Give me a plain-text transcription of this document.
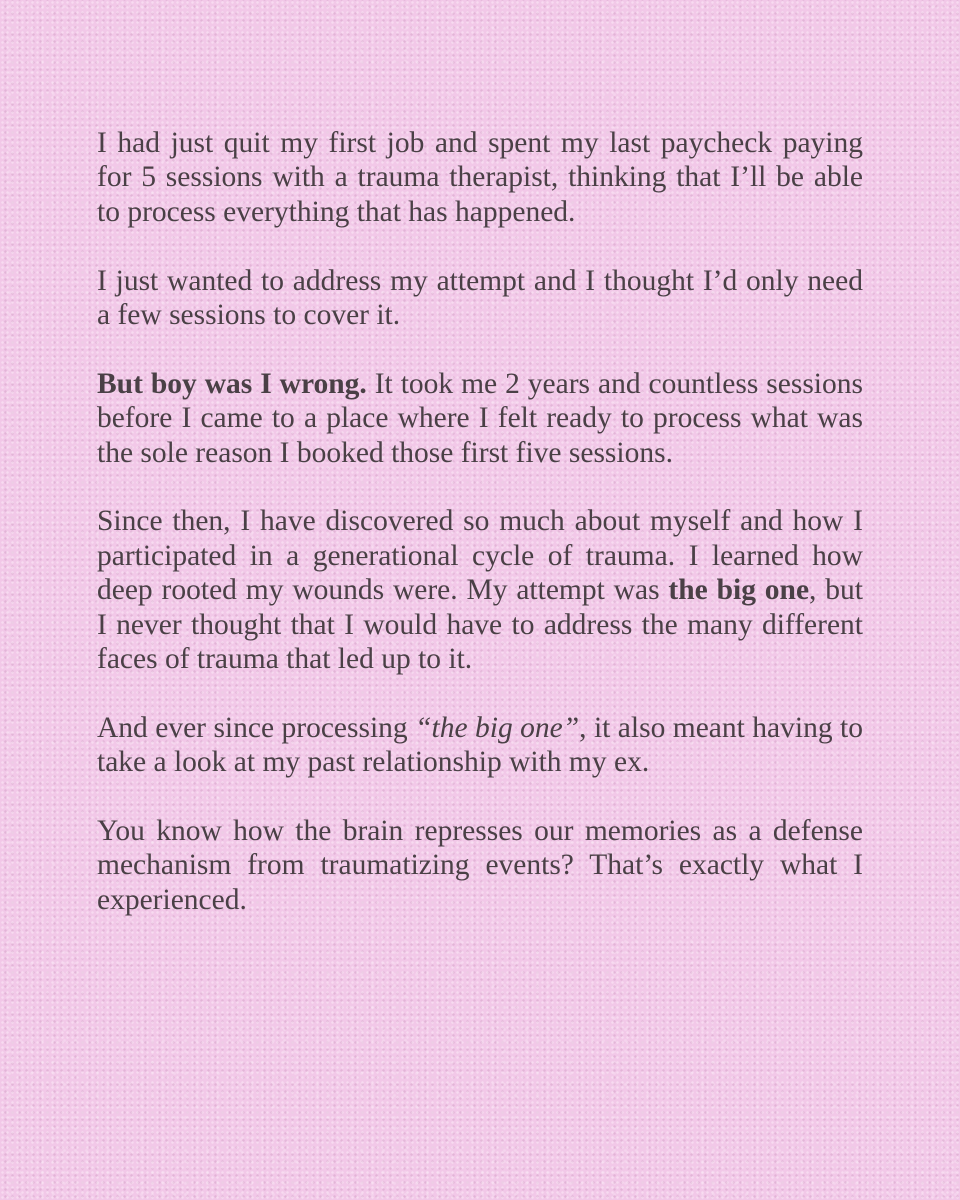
I had just quit my first job and spent my last paycheck paying for 5 sessions with a trauma therapist, thinking that I’ll be able to process everything that has happened.

I just wanted to address my attempt and I thought I’d only need a few sessions to cover it.

But boy was I wrong. It took me 2 years and countless sessions before I came to a place where I felt ready to process what was the sole reason I booked those first five sessions.

Since then, I have discovered so much about myself and how I participated in a generational cycle of trauma. I learned how deep rooted my wounds were. My attempt was the big one, but I never thought that I would have to address the many different faces of trauma that led up to it.

And ever since processing “the big one”, it also meant having to take a look at my past relationship with my ex.

You know how the brain represses our memories as a defense mechanism from traumatizing events? That’s exactly what I experienced.
